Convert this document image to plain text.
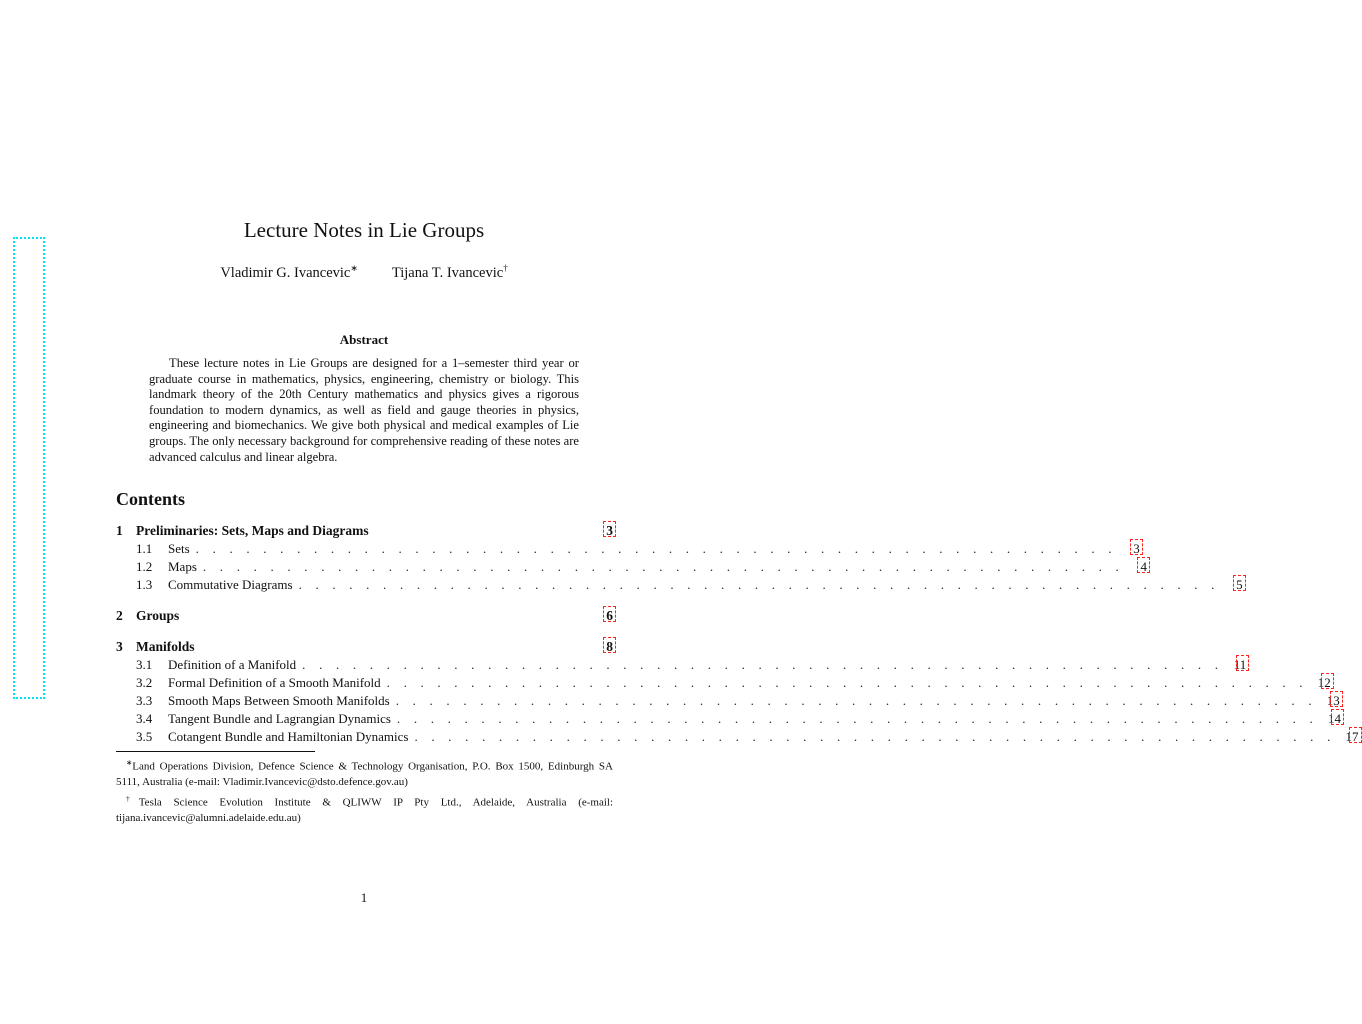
Lecture Notes in Lie Groups
Vladimir G. Ivancevic∗ Tijana T. Ivancevic†
Abstract

These lecture notes in Lie Groups are designed for a 1–semester third year or graduate course in mathematics, physics, engineering, chemistry or biology. This landmark theory of the 20th Century mathematics and physics gives a rigorous foundation to modern dynamics, as well as field and gauge theories in physics, engineering and biomechanics. We give both physical and medical examples of Lie groups. The only necessary background for comprehensive reading of these notes are advanced calculus and linear algebra.

Contents
1 Preliminaries: Sets, Maps and Diagrams	3
1.1	Sets . . . . . . . . . . . . . . . . . . . . . . . . . . . . . . . . . . . . . . . . . . . . . . . . . . . . . . .	3
1.2	Maps . . . . . . . . . . . . . . . . . . . . . . . . . . . . . . . . . . . . . . . . . . . . . . . . . . . . . . .	4
1.3	Commutative Diagrams . . . . . . . . . . . . . . . . . . . . . . . . . . . . . . . . . . . . . . . . . . . . . . . . . . . . . . .	5
2 Groups	6
3 Manifolds	8
3.1	Definition of a Manifold . . . . . . . . . . . . . . . . . . . . . . . . . . . . . . . . . . . . . . . . . . . . . . . . . . . . . . . 11
3.2	Formal Definition of a Smooth Manifold . . . . . . . . . . . . . . . . . . . . . . . . . . . . . . . . . . . . . . . . . . . . . . . . . . . . . . . 12
3.3	Smooth Maps Between Smooth Manifolds . . . . . . . . . . . . . . . . . . . . . . . . . . . . . . . . . . . . . . . . . . . . . . . . . . . . . . . 13
3.4	Tangent Bundle and Lagrangian Dynamics . . . . . . . . . . . . . . . . . . . . . . . . . . . . . . . . . . . . . . . . . . . . . . . . . . . . . . . 14
3.5	Cotangent Bundle and Hamiltonian Dynamics . . . . . . . . . . . . . . . . . . . . . . . . . . . . . . . . . . . . . . . . . . . . . . . . . . . . . . . 17

∗Land Operations Division, Defence Science & Technology Organisation, P.O. Box 1500, Edinburgh SA 5111, Australia (e-mail: Vladimir.Ivancevic@dsto.defence.gov.au)

†Tesla Science Evolution Institute & QLIWW IP Pty Ltd., Adelaide, Australia (e-mail: tijana.ivancevic@alumni.adelaide.edu.au)

1
